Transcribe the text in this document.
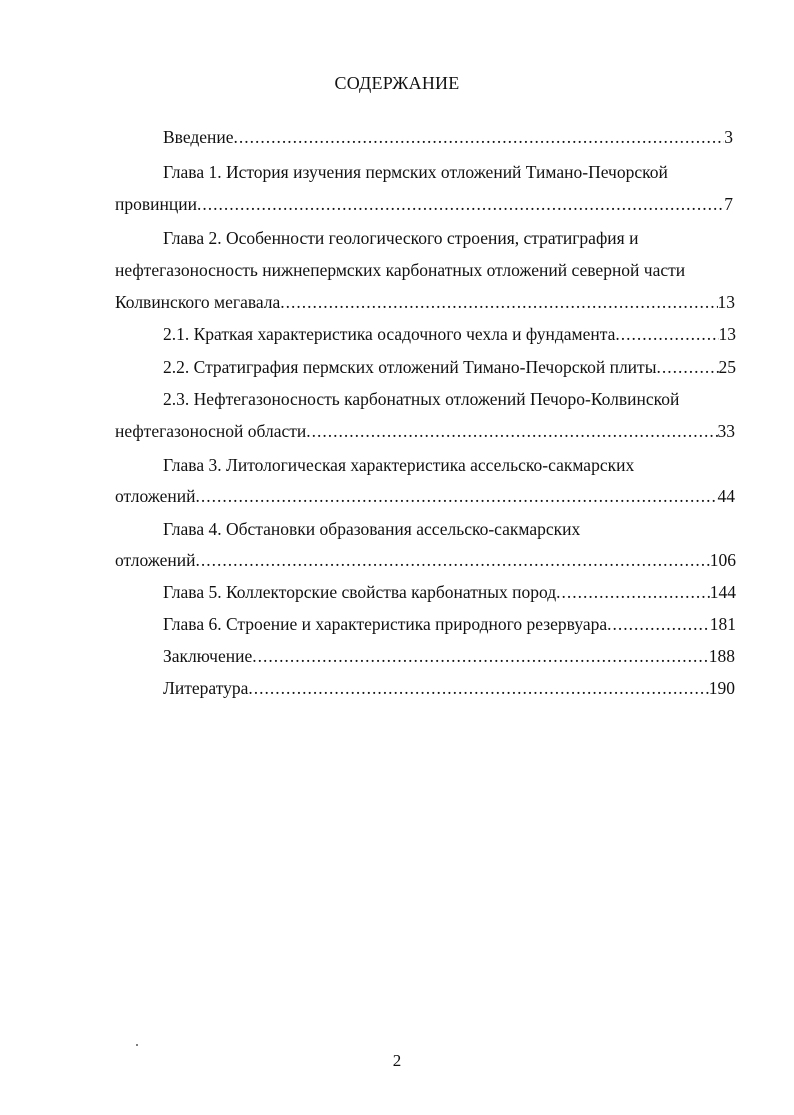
СОДЕРЖАНИЕ
Введение .....	3
Глава 1. История изучения пермских отложений Тимано-Печорской
провинции .....	7
Глава 2. Особенности геологического строения, стратиграфия и
нефтегазоносность нижнепермских карбонатных отложений северной части
Колвинского мегавала .....	13
2.1. Краткая характеристика осадочного чехла и фундамента .....	13
2.2. Стратиграфия пермских отложений Тимано-Печорской плиты .....	25
2.3. Нефтегазоносность карбонатных отложений Печоро-Колвинской
нефтегазоносной области .....	33
Глава 3. Литологическая характеристика ассельско-сакмарских
отложений .....	44
Глава 4. Обстановки образования ассельско-сакмарских
отложений .....	106
Глава 5. Коллекторские свойства карбонатных пород .....	144
Глава 6. Строение и характеристика природного резервуара .....	181
Заключение .....	188
Литература .....	190
2
